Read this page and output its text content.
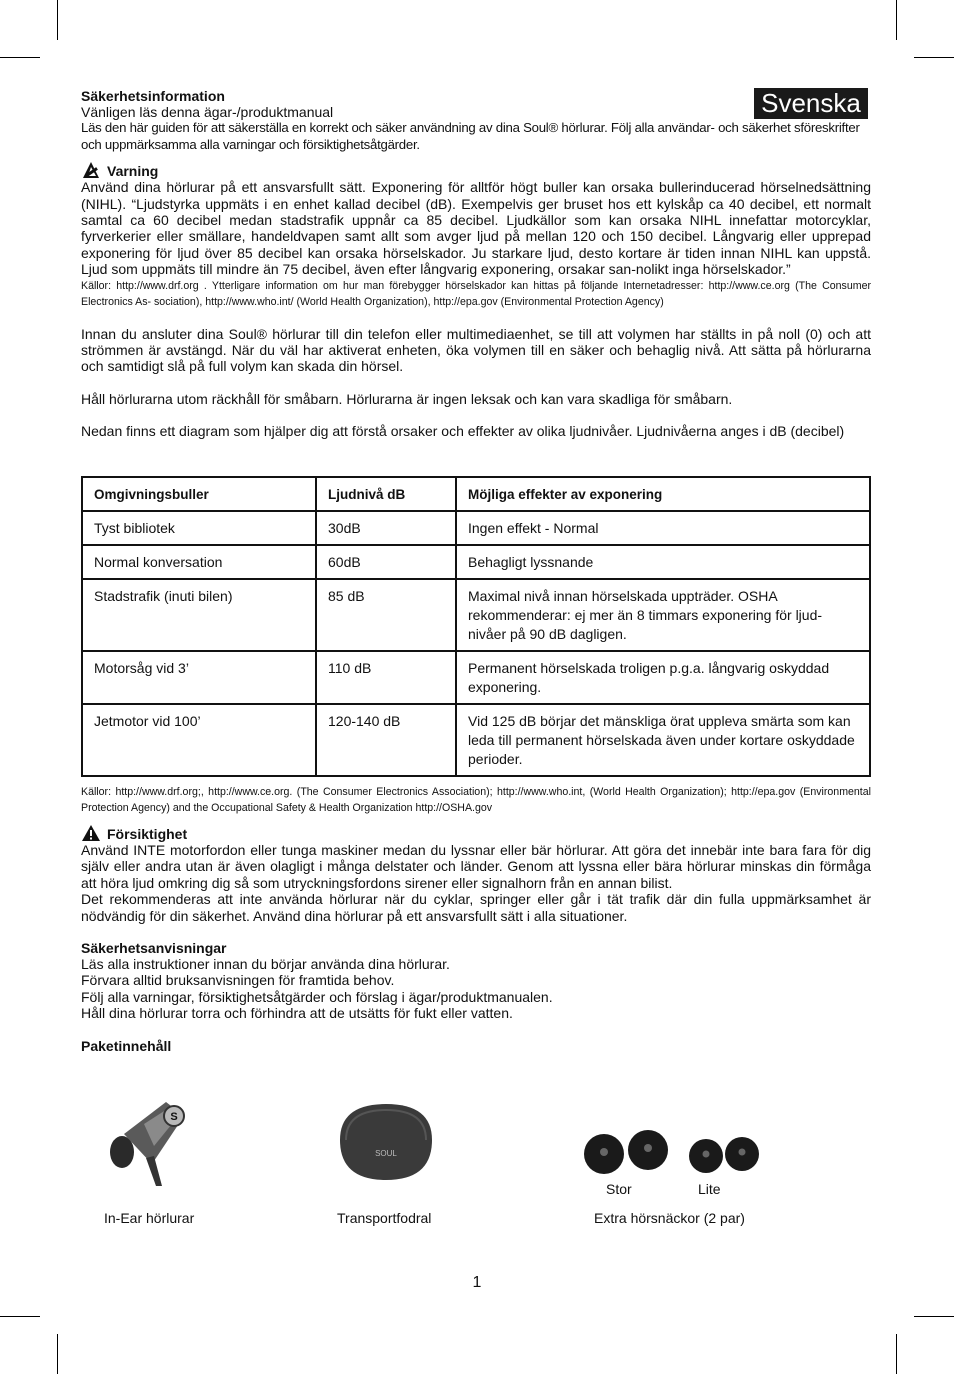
Svenska

Säkerhetsinformation

Vänligen läs denna ägar-/produktmanual

Läs den här guiden för att säkerställa en korrekt och säker användning av dina Soul® hörlurar. Följ alla användar- och säkerhet sföreskrifter och uppmärksamma alla varningar och försiktighetsåtgärder.

Varning

Använd dina hörlurar på ett ansvarsfullt sätt. Exponering för alltför högt buller kan orsaka bullerinducerad hörselnedsättning (NIHL). “Ljudstyrka uppmäts i en enhet kallad decibel (dB). Exempelvis ger bruset hos ett kylskåp ca 40 decibel, ett normalt samtal ca 60 decibel medan stadstrafik uppnår ca 85 decibel. Ljudkällor som kan orsaka NIHL innefattar motorcyklar, fyrverkerier eller smällare, handeldvapen samt allt som avger ljud på mellan 120 och 150 decibel. Långvarig eller upprepad exponering för ljud över 85 decibel kan orsaka hörselskador. Ju starkare ljud, desto kortare är tiden innan NIHL kan uppstå. Ljud som uppmäts till mindre än 75 decibel, även efter långvarig exponering, orsakar san-nolikt inga hörselskador.”

Källor: http://www.drf.org . Ytterligare information om hur man förebygger hörselskador kan hittas på följande Internetadresser: http://www.ce.org (The Consumer Electronics As- sociation), http://www.who.int/ (World Health Organization), http://epa.gov (Environmental Protection Agency)

Innan du ansluter dina Soul® hörlurar till din telefon eller multimediaenhet, se till att volymen har ställts in på noll (0) och att strömmen är avstängd. När du väl har aktiverat enheten, öka volymen till en säker och behaglig nivå. Att sätta på hörlurarna och samtidigt slå på full volym kan skada din hörsel.

Håll hörlurarna utom räckhåll för småbarn. Hörlurarna är ingen leksak och kan vara skadliga för småbarn.

Nedan finns ett diagram som hjälper dig att förstå orsaker och effekter av olika ljudnivåer. Ljudnivåerna anges i dB (decibel)

Omgivningsbuller	Ljudnivå dB	Möjliga effekter av exponering
Tyst bibliotek	30dB	Ingen effekt - Normal
Normal konversation	60dB	Behagligt lyssnande
Stadstrafik (inuti bilen)	85 dB	Maximal nivå innan hörselskada uppträder. OSHA rekommenderar: ej mer än 8 timmars exponering för ljud-nivåer på 90 dB dagligen.
Motorsåg vid 3’	110 dB	Permanent hörselskada troligen p.g.a. långvarig oskyddad exponering.
Jetmotor vid 100’	120-140 dB	Vid 125 dB börjar det mänskliga örat uppleva smärta som kan leda till permanent hörselskada även under kortare oskyddade perioder.

Källor: http://www.drf.org;, http://www.ce.org. (The Consumer Electronics Association); http://www.who.int, (World Health Organization); http://epa.gov (Environmental Protection Agency) and the Occupational Safety & Health Organization http://OSHA.gov

Försiktighet

Använd INTE motorfordon eller tunga maskiner medan du lyssnar eller bär hörlurar. Att göra det innebär inte bara fara för dig själv eller andra utan är även olagligt i många delstater och länder. Genom att lyssna eller bära hörlurar minskas din förmåga att höra ljud omkring dig så som utryckningsfordons sirener eller signalhorn från en annan bilist.

Det rekommenderas att inte använda hörlurar när du cyklar, springer eller går i tät trafik där din fulla uppmärksamhet är nödvändig för din säkerhet. Använd dina hörlurar på ett ansvarsfullt sätt i alla situationer.

Säkerhetsanvisningar

Läs alla instruktioner innan du börjar använda dina hörlurar.

Förvara alltid bruksanvisningen för framtida behov.

Följ alla varningar, försiktighetsåtgärder och förslag i ägar/produktmanualen.

Håll dina hörlurar torra och förhindra att de utsätts för fukt eller vatten.

Paketinnehåll

S
SOUL
Stor	Lite
In-Ear hörlurar	Transportfodral	Extra hörsnäckor (2 par)
1
